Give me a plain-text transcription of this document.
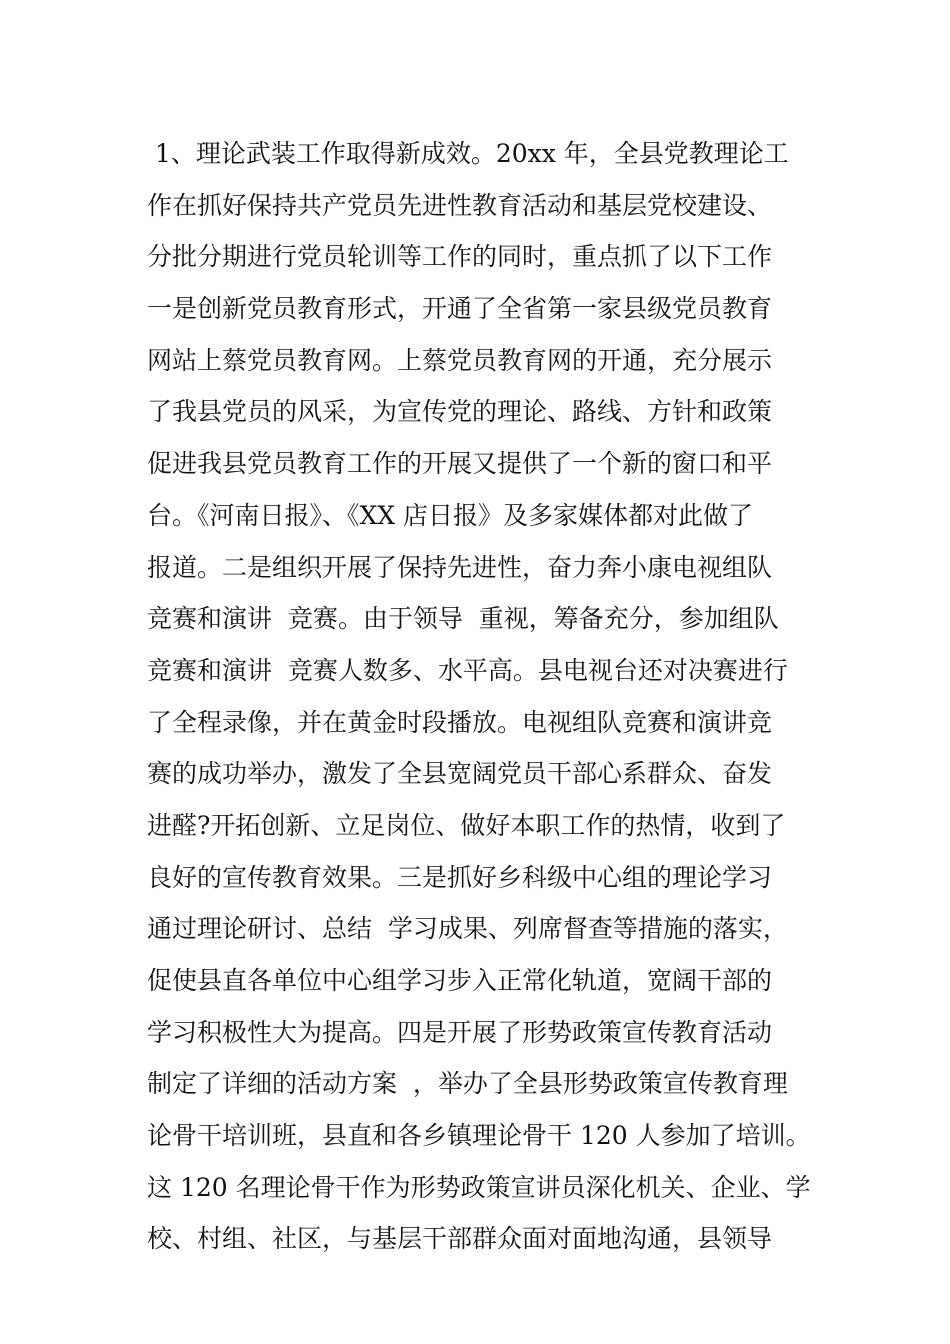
1、理论武装工作取得新成效。20xx 年，全县党教理论工
作在抓好保持共产党员先进性教育活动和基层党校建设、
分批分期进行党员轮训等工作的同时，重点抓了以下工作
一是创新党员教育形式，开通了全省第一家县级党员教育
网站上蔡党员教育网。上蔡党员教育网的开通，充分展示
了我县党员的风采，为宣传党的理论、路线、方针和政策
促进我县党员教育工作的开展又提供了一个新的窗口和平
台。《河南日报》、《XX 店日报》及多家媒体都对此做了
报道。二是组织开展了保持先进性，奋力奔小康电视组队
竞赛和演讲  竞赛。由于领导  重视，筹备充分，参加组队
竞赛和演讲  竞赛人数多、水平高。县电视台还对决赛进行
了全程录像，并在黄金时段播放。电视组队竞赛和演讲竞
赛的成功举办，激发了全县宽阔党员干部心系群众、奋发
进醛?开拓创新、立足岗位、做好本职工作的热情，收到了
良好的宣传教育效果。三是抓好乡科级中心组的理论学习
通过理论研讨、总结  学习成果、列席督查等措施的落实，
促使县直各单位中心组学习步入正常化轨道，宽阔干部的
学习积极性大为提高。四是开展了形势政策宣传教育活动
制定了详细的活动方案  ，举办了全县形势政策宣传教育理
论骨干培训班，县直和各乡镇理论骨干 120 人参加了培训。
这 120 名理论骨干作为形势政策宣讲员深化机关、企业、学
校、村组、社区，与基层干部群众面对面地沟通，县领导
